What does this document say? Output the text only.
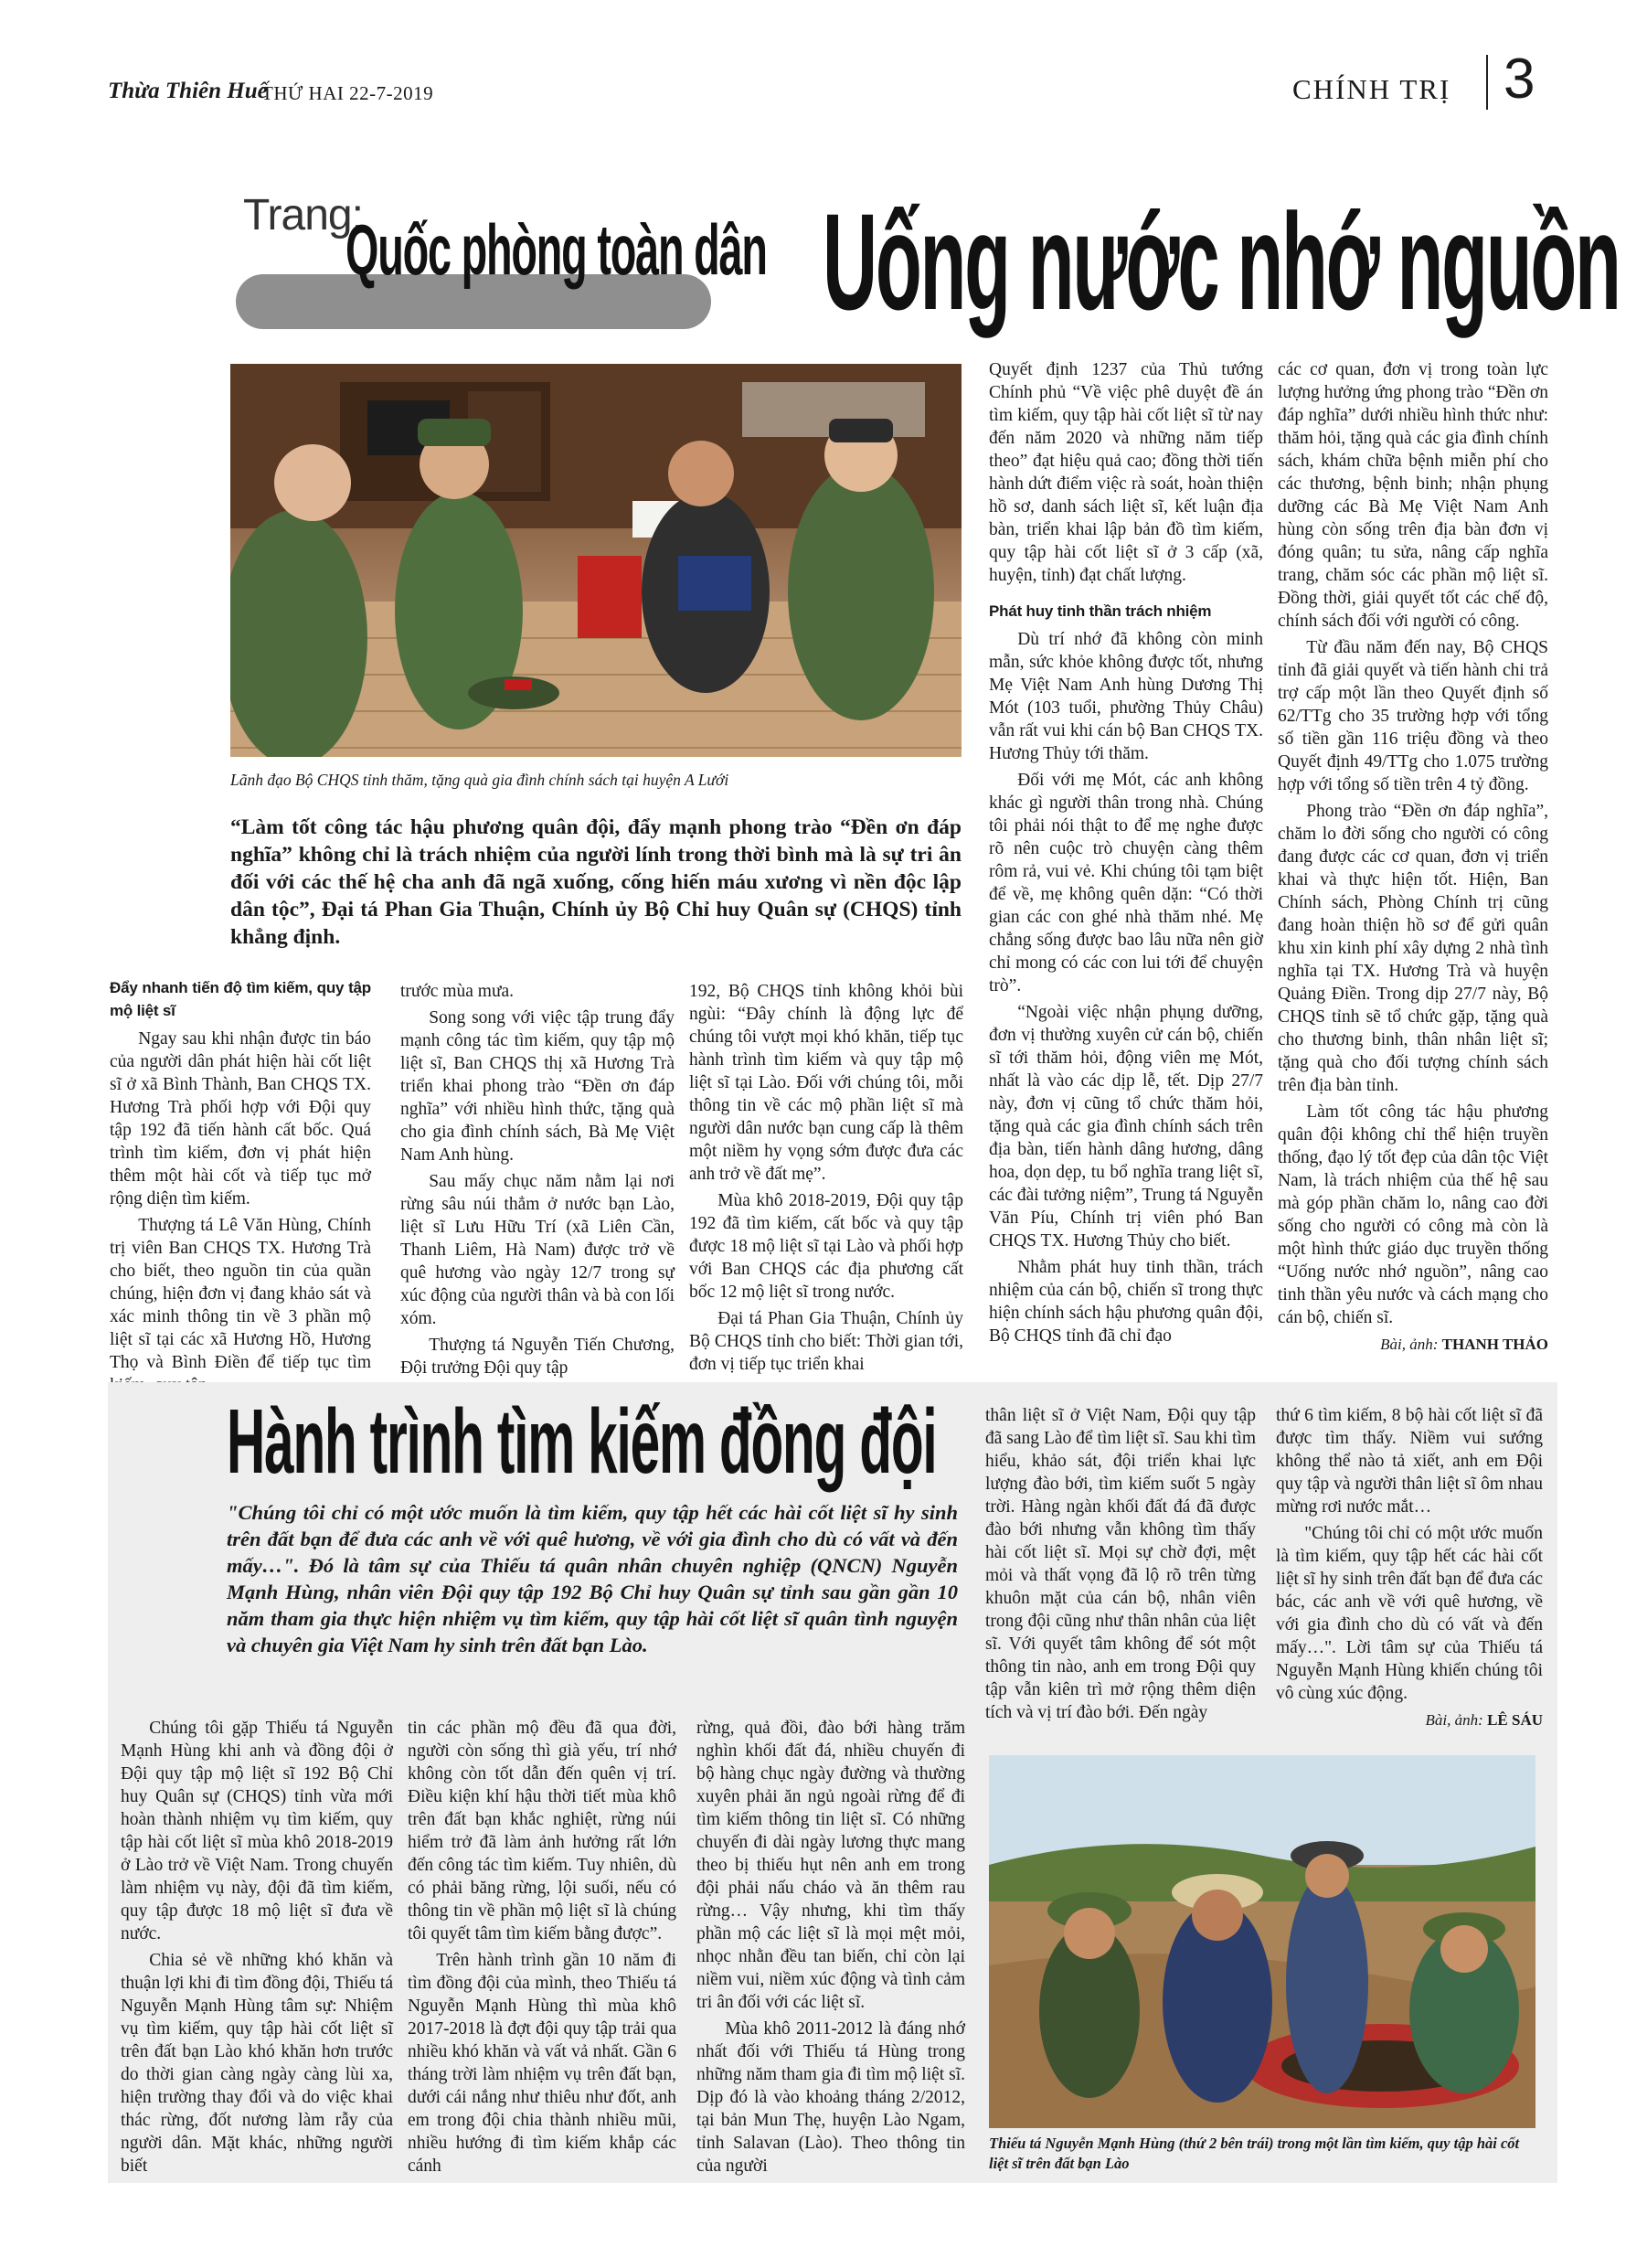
Thừa Thiên Huế
THỨ HAI 22-7-2019	CHÍNH TRỊ 3
Trang:
Quốc phòng toàn dân Uống nước nhớ nguồn
Lãnh đạo Bộ CHQS tỉnh thăm, tặng quà gia đình chính sách tại huyện A Lưới
“Làm tốt công tác hậu phương quân đội, đẩy mạnh phong trào “Đền ơn đáp nghĩa” không chỉ là trách nhiệm của người lính trong thời bình mà là sự tri ân đối với các thế hệ cha anh đã ngã xuống, cống hiến máu xương vì nền độc lập dân tộc”, Đại tá Phan Gia Thuận, Chính ủy Bộ Chỉ huy Quân sự (CHQS) tỉnh khẳng định.
Đẩy nhanh tiến độ tìm kiếm, quy tập mộ liệt sĩ

Ngay sau khi nhận được tin báo của người dân phát hiện hài cốt liệt sĩ ở xã Bình Thành, Ban CHQS TX. Hương Trà phối hợp với Đội quy tập 192 đã tiến hành cất bốc. Quá trình tìm kiếm, đơn vị phát hiện thêm một hài cốt và tiếp tục mở rộng diện tìm kiếm.

Thượng tá Lê Văn Hùng, Chính trị viên Ban CHQS TX. Hương Trà cho biết, theo nguồn tin của quần chúng, hiện đơn vị đang khảo sát và xác minh thông tin về 3 phần mộ liệt sĩ tại các xã Hương Hồ, Hương Thọ và Bình Điền để tiếp tục tìm

trước mùa mưa.

Song song với việc tập trung đẩy mạnh công tác tìm kiếm, quy tập mộ liệt sĩ, Ban CHQS thị xã Hương Trà triển khai phong trào “Đền ơn đáp nghĩa” với nhiều hình thức, tặng quà cho gia đình chính sách, Bà Mẹ Việt Nam Anh hùng.

Sau mấy chục năm nằm lại nơi rừng sâu núi thẳm ở nước bạn Lào, liệt sĩ Lưu Hữu Trí (xã Liên Cần, Thanh Liêm, Hà Nam) được trở về quê hương vào ngày 12/7 trong sự xúc động của người thân và bà con lối xóm.

Thượng tá Nguyễn Tiến Chương, Đội trưởng Đội quy tập

192, Bộ CHQS tỉnh không khỏi bùi ngùi: “Đây chính là động lực để chúng tôi vượt mọi khó khăn, tiếp tục hành trình tìm kiếm và quy tập mộ liệt sĩ tại Lào. Đối với chúng tôi, mỗi thông tin về các mộ phần liệt sĩ mà người dân nước bạn cung cấp là thêm một niềm hy vọng sớm được đưa các anh trở về đất mẹ”.

Mùa khô 2018-2019, Đội quy tập 192 đã tìm kiếm, cất bốc và quy tập được 18 mộ liệt sĩ tại Lào và phối hợp với Ban CHQS các địa phương cất bốc 12 mộ liệt sĩ trong nước.

Đại tá Phan Gia Thuận, Chính ủy Bộ CHQS tỉnh cho biết: Thời gian tới, đơn vị tiếp tục triển khai

Quyết định 1237 của Thủ tướng Chính phủ “Về việc phê duyệt đề án tìm kiếm, quy tập hài cốt liệt sĩ từ nay đến năm 2020 và những năm tiếp theo” đạt hiệu quả cao; đồng thời tiến hành dứt điểm việc rà soát, hoàn thiện hồ sơ, danh sách liệt sĩ, kết luận địa bàn, triển khai lập bản đồ tìm kiếm, quy tập hài cốt liệt sĩ ở 3 cấp (xã, huyện, tỉnh) đạt chất lượng.

Phát huy tinh thần trách nhiệm

Dù trí nhớ đã không còn minh mẫn, sức khỏe không được tốt, nhưng Mẹ Việt Nam Anh hùng Dương Thị Mót (103 tuổi, phường Thủy Châu) vẫn rất vui khi cán bộ Ban CHQS TX. Hương Thủy tới thăm.

Đối với mẹ Mót, các anh không khác gì người thân trong nhà. Chúng tôi phải nói thật to để mẹ nghe được rõ nên cuộc trò chuyện càng thêm rôm rả, vui vẻ. Khi chúng tôi tạm biệt để về, mẹ không quên dặn: “Có thời gian các con ghé nhà thăm nhé. Mẹ chẳng sống được bao lâu nữa nên giờ chỉ mong có các con lui tới để chuyện trò”.

“Ngoài việc nhận phụng dưỡng, đơn vị thường xuyên cử cán bộ, chiến sĩ tới thăm hỏi, động viên mẹ Mót, nhất là vào các dịp lễ, tết. Dịp 27/7 này, đơn vị cũng tổ chức thăm hỏi, tặng quà các gia đình chính sách trên địa bàn, tiến hành dâng hương, dâng hoa, dọn dẹp, tu bổ nghĩa trang liệt sĩ, các đài tưởng niệm”, Trung tá Nguyễn Văn Píu, Chính trị viên phó Ban CHQS TX. Hương Thủy cho biết.

Nhằm phát huy tinh thần, trách nhiệm của cán bộ, chiến sĩ trong thực hiện chính sách hậu phương quân đội, Bộ CHQS tỉnh đã chỉ đạo

các cơ quan, đơn vị trong toàn lực lượng hưởng ứng phong trào “Đền ơn đáp nghĩa” dưới nhiều hình thức như: thăm hỏi, tặng quà các gia đình chính sách, khám chữa bệnh miễn phí cho các thương, bệnh binh; nhận phụng dưỡng các Bà Mẹ Việt Nam Anh hùng còn sống trên địa bàn đơn vị đóng quân; tu sửa, nâng cấp nghĩa trang, chăm sóc các phần mộ liệt sĩ. Đồng thời, giải quyết tốt các chế độ, chính sách đối với người có công.

Từ đầu năm đến nay, Bộ CHQS tỉnh đã giải quyết và tiến hành chi trả trợ cấp một lần theo Quyết định số 62/TTg cho 35 trường hợp với tổng số tiền gần 116 triệu đồng và theo Quyết định 49/TTg cho 1.075 trường hợp với tổng số tiền trên 4 tỷ đồng.

Phong trào “Đền ơn đáp nghĩa”, chăm lo đời sống cho người có công đang được các cơ quan, đơn vị triển khai và thực hiện tốt. Hiện, Ban Chính sách, Phòng Chính trị cũng đang hoàn thiện hồ sơ để gửi quân khu xin kinh phí xây dựng 2 nhà tình nghĩa tại TX. Hương Trà và huyện Quảng Điền. Trong dịp 27/7 này, Bộ CHQS tỉnh sẽ tổ chức gặp, tặng quà cho thương binh, thân nhân liệt sĩ; tặng quà cho đối tượng chính sách trên địa bàn tỉnh.

Làm tốt công tác hậu phương quân đội không chỉ thể hiện truyền thống, đạo lý tốt đẹp của dân tộc Việt Nam, là trách nhiệm của thế hệ sau mà góp phần chăm lo, nâng cao đời sống cho người có công mà còn là một hình thức giáo dục truyền thống “Uống nước nhớ nguồn”, nâng cao tinh thần yêu nước và cách mạng cho cán bộ, chiến sĩ.

Bài, ảnh: THANH THẢO
Hành trình tìm kiếm đồng đội
"Chúng tôi chỉ có một ước muốn là tìm kiếm, quy tập hết các hài cốt liệt sĩ hy sinh trên đất bạn để đưa các anh về với quê hương, về với gia đình cho dù có vất và đến mấy…". Đó là tâm sự của Thiếu tá quân nhân chuyên nghiệp (QNCN) Nguyễn Mạnh Hùng, nhân viên Đội quy tập 192 Bộ Chỉ huy Quân sự tỉnh sau gần gần 10 năm tham gia thực hiện nhiệm vụ tìm kiếm, quy tập hài cốt liệt sĩ quân tình nguyện và chuyên gia Việt Nam hy sinh trên đất bạn Lào.

Chúng tôi gặp Thiếu tá Nguyễn Mạnh Hùng khi anh và đồng đội ở Đội quy tập mộ liệt sĩ 192 Bộ Chỉ huy Quân sự (CHQS) tỉnh vừa mới hoàn thành nhiệm vụ tìm kiếm, quy tập hài cốt liệt sĩ mùa khô 2018-2019 ở Lào trở về Việt Nam. Trong chuyến làm nhiệm vụ này, đội đã tìm kiếm, quy tập được 18 mộ liệt sĩ đưa về nước.

Chia sẻ về những khó khăn và thuận lợi khi đi tìm đồng đội, Thiếu tá Nguyễn Mạnh Hùng tâm sự: Nhiệm vụ tìm kiếm, quy tập hài cốt liệt sĩ trên đất bạn Lào khó khăn hơn trước do thời gian càng ngày càng lùi xa, hiện trường thay đổi và do việc khai thác rừng, đốt nương làm rẫy của người dân. Mặt khác, những người biết

tin các phần mộ đều đã qua đời, người còn sống thì già yếu, trí nhớ không còn tốt dẫn đến quên vị trí. Điều kiện khí hậu thời tiết mùa khô trên đất bạn khắc nghiệt, rừng núi hiểm trở đã làm ảnh hưởng rất lớn đến công tác tìm kiếm. Tuy nhiên, dù có phải băng rừng, lội suối, nếu có thông tin về phần mộ liệt sĩ là chúng tôi quyết tâm tìm kiếm bằng được”.

Trên hành trình gần 10 năm đi tìm đồng đội của mình, theo Thiếu tá Nguyễn Mạnh Hùng thì mùa khô 2017-2018 là đợt đội quy tập trải qua nhiều khó khăn và vất vả nhất. Gần 6 tháng trời làm nhiệm vụ trên đất bạn, dưới cái nắng như thiêu như đốt, anh em trong đội chia thành nhiều mũi, nhiều hướng đi tìm kiếm khắp các cánh

rừng, quả đồi, đào bới hàng trăm nghìn khối đất đá, nhiều chuyến đi bộ hàng chục ngày đường và thường xuyên phải ăn ngủ ngoài rừng để đi tìm kiếm thông tin liệt sĩ. Có những chuyến đi dài ngày lương thực mang theo bị thiếu hụt nên anh em trong đội phải nấu cháo và ăn thêm rau rừng… Vậy nhưng, khi tìm thấy phần mộ các liệt sĩ là mọi mệt mỏi, nhọc nhằn đều tan biến, chỉ còn lại niềm vui, niềm xúc động và tình cảm tri ân đối với các liệt sĩ.

Mùa khô 2011-2012 là đáng nhớ nhất đối với Thiếu tá Hùng trong những năm tham gia đi tìm mộ liệt sĩ. Dịp đó là vào khoảng tháng 2/2012, tại bản Mun Thẹ, huyện Lào Ngam, tỉnh Salavan (Lào). Theo thông tin của người

thân liệt sĩ ở Việt Nam, Đội quy tập đã sang Lào để tìm liệt sĩ. Sau khi tìm hiểu, khảo sát, đội triển khai lực lượng đào bới, tìm kiếm suốt 5 ngày trời. Hàng ngàn khối đất đá đã được đào bới nhưng vẫn không tìm thấy hài cốt liệt sĩ. Mọi sự chờ đợi, mệt mỏi và thất vọng đã lộ rõ trên từng khuôn mặt của cán bộ, nhân viên trong đội cũng như thân nhân của liệt sĩ. Với quyết tâm không để sót một thông tin nào, anh em trong Đội quy tập vẫn kiên trì mở rộng thêm diện tích và vị trí đào bới. Đến ngày

thứ 6 tìm kiếm, 8 bộ hài cốt liệt sĩ đã được tìm thấy. Niềm vui sướng không thể nào tả xiết, anh em Đội quy tập và người thân liệt sĩ ôm nhau mừng rơi nước mắt…

"Chúng tôi chỉ có một ước muốn là tìm kiếm, quy tập hết các hài cốt liệt sĩ hy sinh trên đất bạn để đưa các bác, các anh về với quê hương, về với gia đình cho dù có vất và đến mấy…". Lời tâm sự của Thiếu tá Nguyễn Mạnh Hùng khiến chúng tôi vô cùng xúc động.

Bài, ảnh: LÊ SÁU
Thiếu tá Nguyễn Mạnh Hùng (thứ 2 bên trái) trong một lần tìm kiếm, quy tập hài cốt liệt sĩ trên đất bạn Lào
